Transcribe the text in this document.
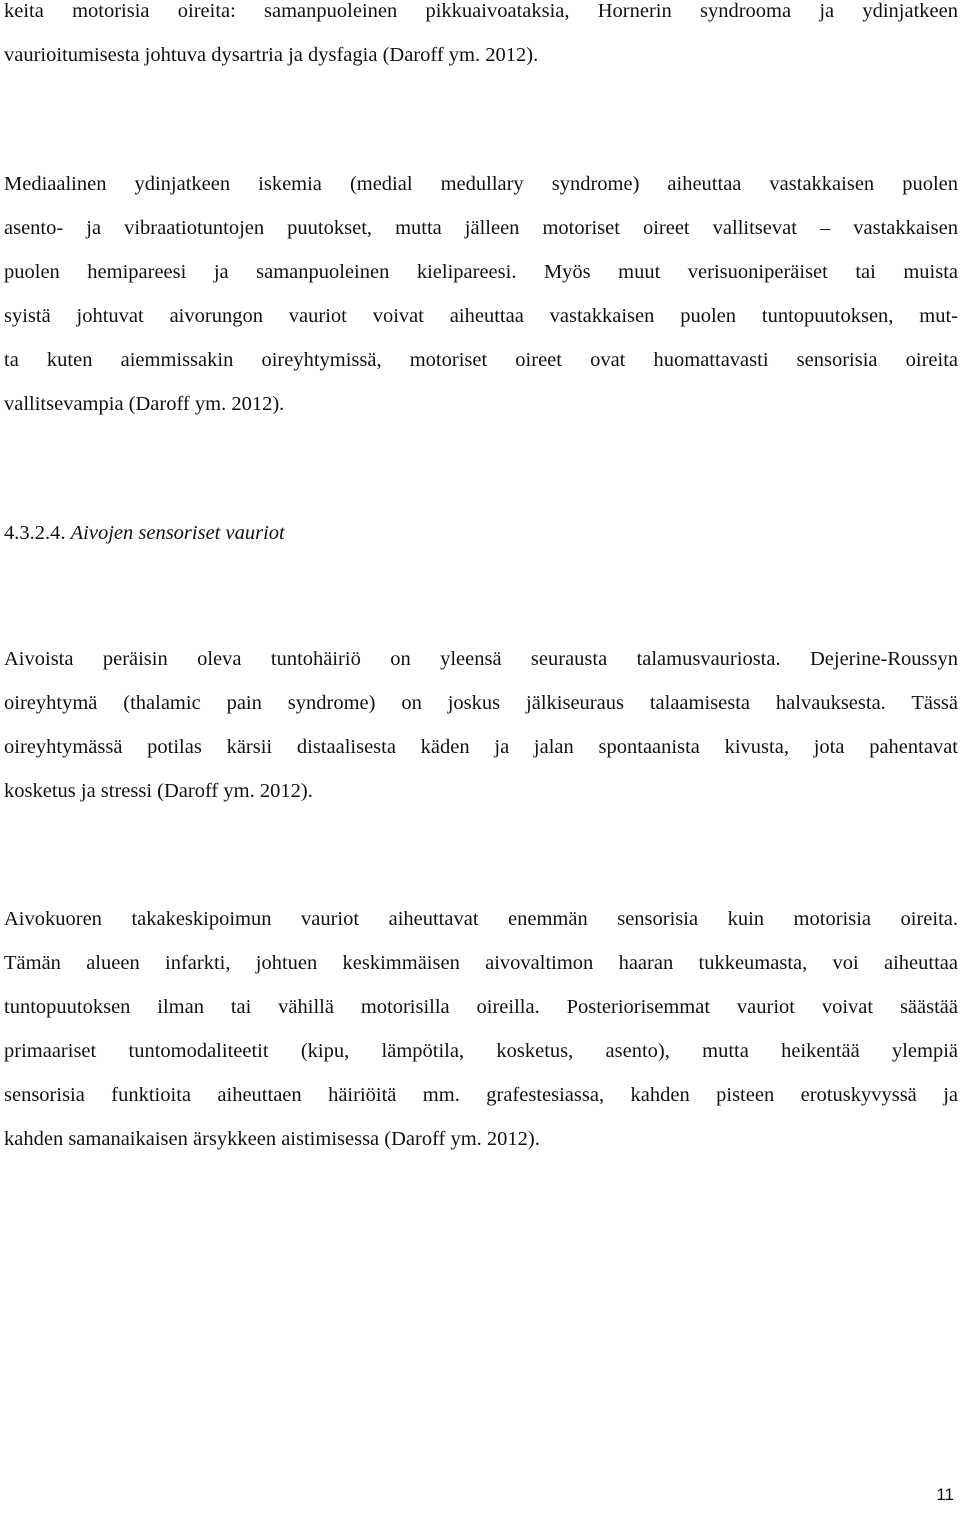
keita motorisia oireita: samanpuoleinen pikkuaivoataksia, Hornerin syndrooma ja ydinjatkeen
vaurioitumisesta johtuva dysartria ja dysfagia (Daroff ym. 2012).
Mediaalinen ydinjatkeen iskemia (medial medullary syndrome) aiheuttaa vastakkaisen puolen
asento- ja vibraatiotuntojen puutokset, mutta jälleen motoriset oireet vallitsevat – vastakkaisen
puolen hemipareesi ja samanpuoleinen kielipareesi. Myös muut verisuoniperäiset tai muista
syistä johtuvat aivorungon vauriot voivat aiheuttaa vastakkaisen puolen tuntopuutoksen, mut-
ta kuten aiemmissakin oireyhtymissä, motoriset oireet ovat huomattavasti sensorisia oireita
vallitsevampia (Daroff ym. 2012).
4.3.2.4. Aivojen sensoriset vauriot
Aivoista peräisin oleva tuntohäiriö on yleensä seurausta talamusvauriosta. Dejerine-Roussyn
oireyhtymä (thalamic pain syndrome) on joskus jälkiseuraus talaamisesta halvauksesta. Tässä
oireyhtymässä potilas kärsii distaalisesta käden ja jalan spontaanista kivusta, jota pahentavat
kosketus ja stressi (Daroff ym. 2012).
Aivokuoren takakeskipoimun vauriot aiheuttavat enemmän sensorisia kuin motorisia oireita.
Tämän alueen infarkti, johtuen keskimmäisen aivovaltimon haaran tukkeumasta, voi aiheuttaa
tuntopuutoksen ilman tai vähillä motorisilla oireilla. Posteriorisemmat vauriot voivat säästää
primaariset tuntomodaliteetit (kipu, lämpötila, kosketus, asento), mutta heikentää ylempiä
sensorisia funktioita aiheuttaen häiriöitä mm. grafestesiassa, kahden pisteen erotuskyvyssä ja
kahden samanaikaisen ärsykkeen aistimisessa (Daroff ym. 2012).
11
